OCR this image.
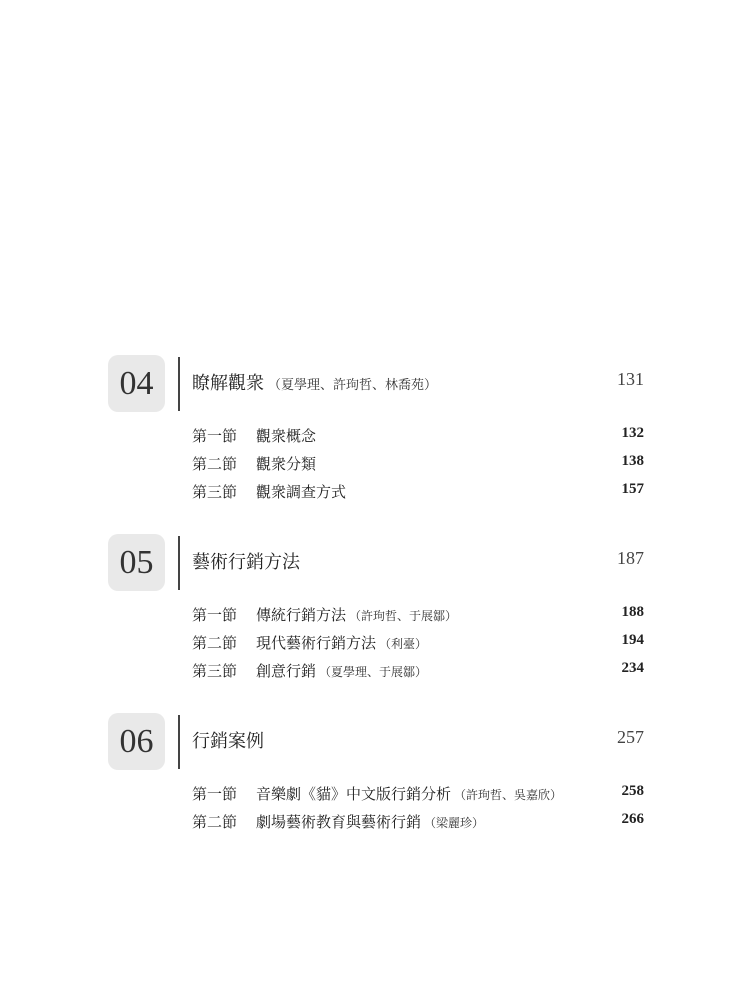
04 瞭解觀衆 （夏學理、許玽哲、林喬苑）	131
第一節	觀衆概念	132
第二節	觀衆分類	138
第三節	觀衆調查方式	157
05 藝術行銷方法	187
第一節	傳統行銷方法 （許玽哲、于展鄒）	188
第二節	現代藝術行銷方法 （利臺）	194
第三節	創意行銷 （夏學理、于展鄒）	234
06 行銷案例	257
第一節	音樂劇《貓》中文版行銷分析 （許玽哲、吳嘉欣）	258
第二節	劇場藝術教育與藝術行銷 （梁麗珍）	266
